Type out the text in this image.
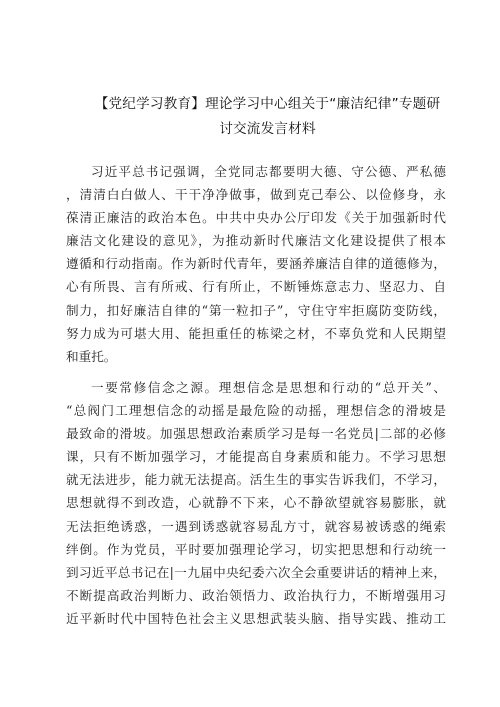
【党纪学习教育】理论学习中心组关于“廉洁纪律”专题研
讨交流发言材料
习近平总书记强调，全党同志都要明大德、守公德、严私德
，清清白白做人、干干净净做事，做到克己奉公、以俭修身，永
葆清正廉洁的政治本色。中共中央办公厅印发《关于加强新时代
廉洁文化建设的意见》，为推动新时代廉洁文化建设提供了根本
遵循和行动指南。作为新时代青年，要涵养廉洁自律的道德修为，
心有所畏、言有所戒、行有所止，不断锤炼意志力、坚忍力、自
制力，扣好廉洁自律的“第一粒扣子”，守住守牢拒腐防变防线，
努力成为可堪大用、能担重任的栋梁之材，不辜负党和人民期望
和重托。
一要常修信念之源。理想信念是思想和行动的“总开关”、
“总阀门工理想信念的动摇是最危险的动摇，理想信念的滑坡是
最致命的滑坡。加强思想政治素质学习是每一名党员|二部的必修
课，只有不断加强学习，才能提高自身素质和能力。不学习思想
就无法进步，能力就无法提高。活生生的事实告诉我们，不学习，
思想就得不到改造，心就静不下来，心不静欲望就容易膨胀，就
无法拒绝诱惑，一遇到诱惑就容易乱方寸，就容易被诱惑的绳索
绊倒。作为党员，平时要加强理论学习，切实把思想和行动统一
到习近平总书记在|一九届中央纪委六次全会重要讲话的精神上来，
不断提高政治判断力、政治领悟力、政治执行力，不断增强用习
近平新时代中国特色社会主义思想武装头脑、指导实践、推动工
